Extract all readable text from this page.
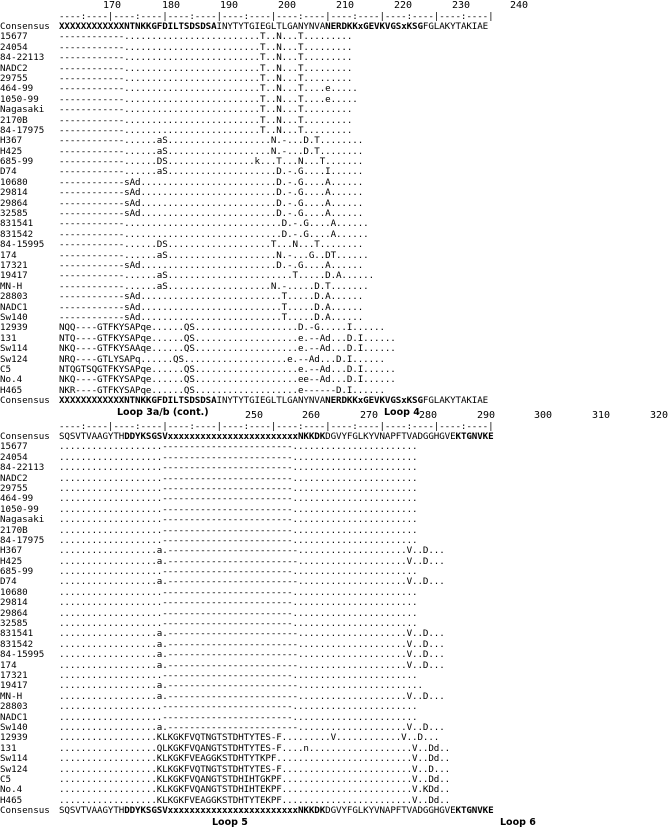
170	180	190	200	210	220	230	240
----:----|----:----|----:----|----:----|----:----|----:----|----:----|----:----|
Consensus	XXXXXXXXXXXXNTNKKGFDILTSDSDSAINYTYTGIEGLTLGANYNVANERDKKxGEVKVGSxKSGFGLAKYTAKIAE
15677	------------.........................T..N...T.........
24054	------------.........................T..N...T.........
84-22113	------------.........................T..N...T.........
NADC2	------------.........................T..N...T.........
29755	------------.........................T..N...T.........
464-99	------------.........................T..N...T....e.....
1050-99	------------.........................T..N...T....e.....
Nagasaki	------------.........................T..N...T.........
2170B	------------.........................T..N...T.........
84-17975	------------.........................T..N...T.........
H367	------------......aS...................N.-...D.T........
H425	------------......aS...................N.-...D.T........
685-99	------------......DS................k...T...N...T.......
D74	------------......aS....................D.-.G....I......
10680	------------sAd.........................D.-.G....A......
29814	------------sAd.........................D.-.G....A......
29864	------------sAd.........................D.-.G....A......
32585	------------sAd.........................D.-.G....A......
831541	------------.............................D.-.G....A......
831542	------------.............................D.-.G....A......
84-15995	------------......DS...................T...N...T........
174	------------......aS....................N.-...G..DT......
17321	------------sAd.........................D.-.G....A......
19417	------------......aS.......................T.....D.A......
MN-H	------------......aS...................N.-.....D.T.......
28803	------------sAd..........................T.....D.A......
NADC1	------------sAd..........................T.....D.A......
Sw140	------------sAd..........................T.....D.A......
12939	NQQ----GTFKYSAPqe......QS...................D.-G.....I......
131	NTQ----GTFKYSAPqe......QS...................e.--Ad...D.I......
Sw114	NKQ----GTFKYSAAqe......QS...................e.--Ad...D.I......
Sw124	NRQ----GTLYSAPq......QS...................e.--Ad...D.I......
C5	NTQGTSQGTFKYSAPqe......QS...................e.--Ad...D.I......
No.4	NKQ----GTFKYSAPqe......QS...................ee--Ad...D.I......
H465	NKR----GTFKYSAPqe......QS...................e------D.I......
Consensus	XXXXXXXXXXXXNTNKKGFDILTSDSDSAINYTYTGIEGLTLGANYNVANERDKKxGEVKVGSxKSGFGLAKYTAKIAE
Loop 3a/b (cont.)	Loop 4
250	260	270	280	290	300	310	320
----:----|----:----|----:----|----:----|----:----|----:----|----:----|----:----|
Consensus	SQSVTVAAGYTHDDYKSGSVxxxxxxxxxxxxxxxxxxxxxxxxNKKDKDGVYFGLKYVNAPFTVADGGHGVEKTGNVKE
15677	...................------------------------.......................
24054	...................------------------------.......................
84-22113	...................------------------------.......................
NADC2	...................------------------------.......................
29755	...................------------------------.......................
464-99	...................------------------------.......................
1050-99	...................------------------------.......................
Nagasaki	...................------------------------.......................
2170B	...................------------------------.......................
84-17975	...................------------------------.......................
H367	..................a.------------------------....................V..D...
H425	..................a.------------------------....................V..D...
685-99	...................------------------------.......................
D74	..................a.------------------------....................V..D...
10680	...................------------------------.......................
29814	...................------------------------.......................
29864	...................------------------------.......................
32585	...................------------------------.......................
831541	..................a.------------------------....................V..D...
831542	..................a.------------------------....................V..D...
84-15995	..................a.------------------------....................V..D...
174	..................a.------------------------....................V..D...
17321	...................------------------------.......................
19417	..................a.------------------------.......................
MN-H	..................a.------------------------....................V..D...
28803	...................------------------------.......................
NADC1	...................------------------------.......................
Sw140	..................a.------------------------....................V..D...
12939	..................KLKGKFVQTNGTSTDHTYTES-F.........V............V..D...
131	..................QLKGKFVQANGTSTDHTYTES-F....n...................V..Dd..
Sw114	..................KLKGKFVEAGGKSTDHTYTKPF.........................V..Dd..
Sw124	..................KLKGKFVQTNGTSTDHTYTES-F........................V..D...
C5	..................KLKGKFVQANGTSTDHIHTGKPF........................V..Dd..
No.4	..................KLKGKFVQANGTSTDHIHTEKPF........................V.KDd..
H465	..................KLKGKFVEAGGKSTDHTYTEKPF........................V..Dd..
Consensus	SQSVTVAAGYTHDDYKSGSVxxxxxxxxxxxxxxxxxxxxxxxxNKKDKDGVYFGLKYVNAPFTVADGGHGVEKTGNVKE
Loop 5	Loop 6
